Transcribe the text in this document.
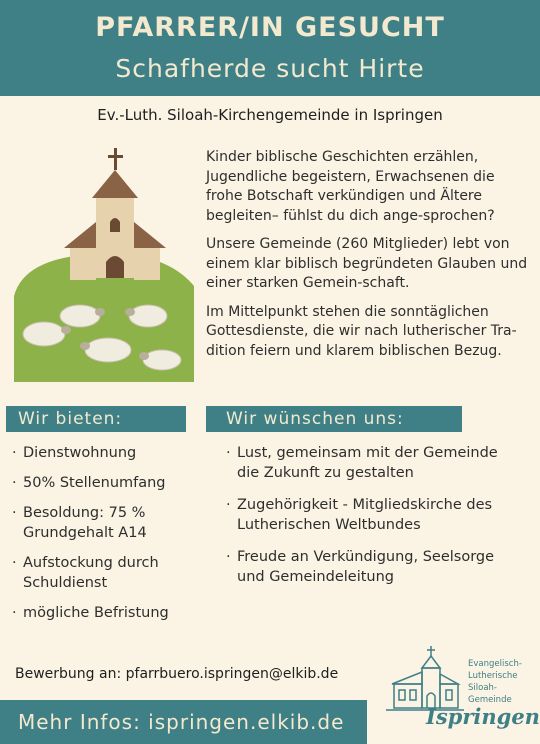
PFARRER/IN GESUCHT
Schafherde sucht Hirte
Ev.-Luth. Siloah-Kirchengemeinde in Ispringen

Kinder biblische Geschichten erzählen, Jugendliche begeistern, Erwachsenen die frohe Botschaft verkündigen und Ältere begleiten– fühlst du dich ange-sprochen?

Unsere Gemeinde (260 Mitglieder) lebt von einem klar biblisch begründeten Glauben und einer starken Gemein-schaft.

Im Mittelpunkt stehen die sonntäglichen Gottesdienste, die wir nach lutherischer Tra-dition feiern und klarem biblischen Bezug.

Wir bieten:	Wir wünschen uns:
· Dienstwohnung
· 50% Stellenumfang
· Besoldung: 75 % Grundgehalt A14
· Aufstockung durch Schuldienst
· mögliche Befristung
· Lust, gemeinsam mit der Gemeinde die Zukunft zu gestalten
· Zugehörigkeit - Mitgliedskirche des Lutherischen Weltbundes
· Freude an Verkündigung, Seelsorge und Gemeindeleitung
Bewerbung an: pfarrbuero.ispringen@elkib.de
Mehr Infos: ispringen.elkib.de
Evangelisch-
Lutherische
Siloah-Gemeinde
Ispringen
